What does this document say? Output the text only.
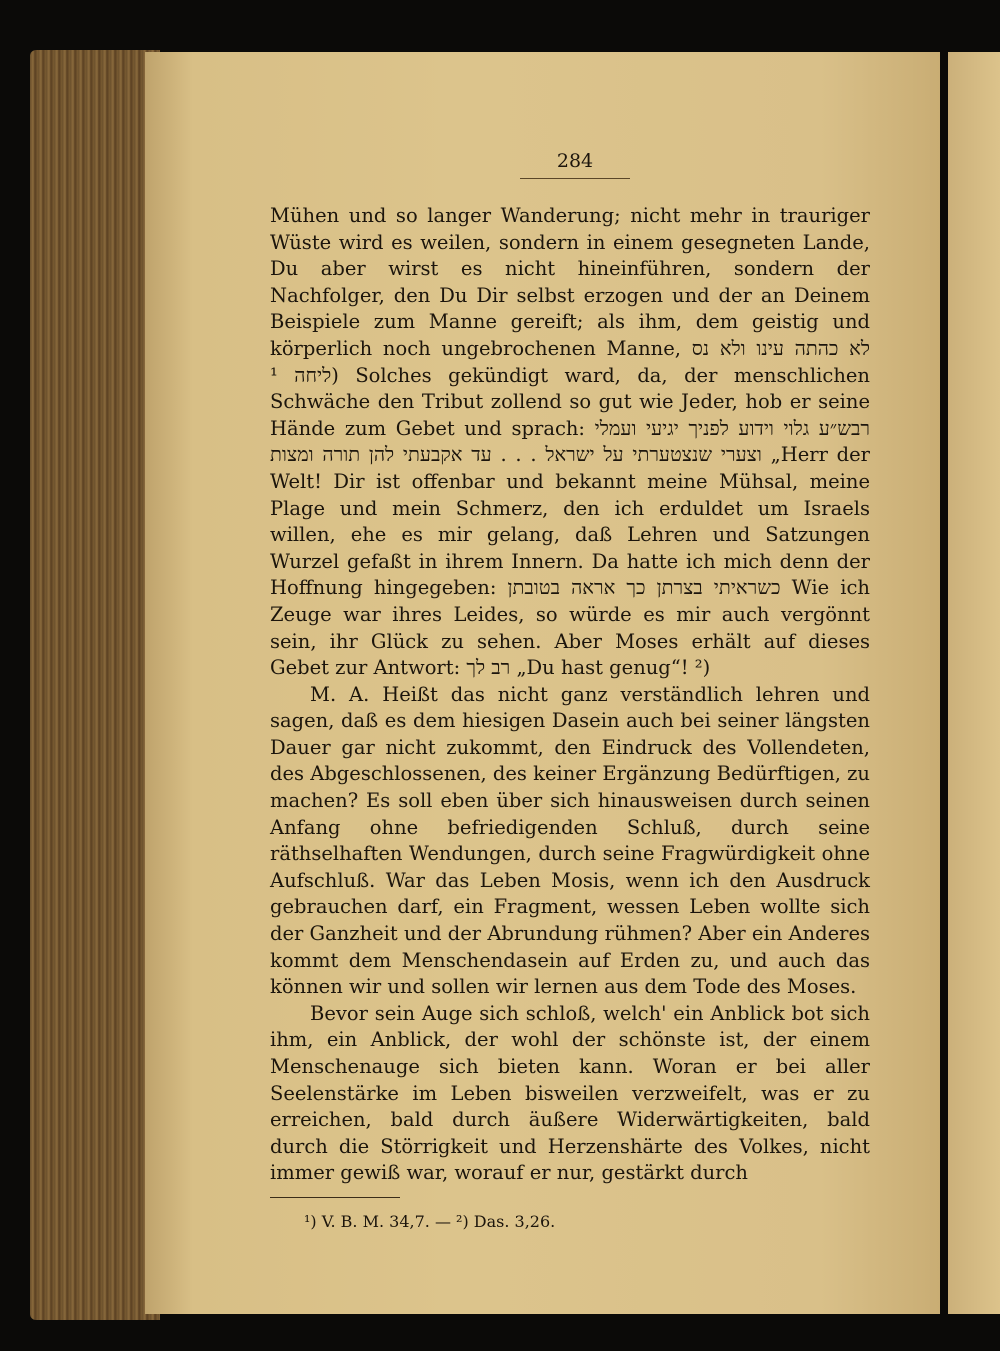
284

Mühen und so langer Wanderung; nicht mehr in trauriger Wüste wird es weilen, sondern in einem gesegneten Lande, Du aber wirst es nicht hineinführen, sondern der Nachfolger, den Du Dir selbst erzogen und der an Deinem Beispiele zum Manne gereift; als ihm, dem geistig und körperlich noch ungebrochenen Manne, לא כהתה עינו ולא נס ליחה ¹) Solches gekündigt ward, da, der menschlichen Schwäche den Tribut zollend so gut wie Jeder, hob er seine Hände zum Gebet und sprach: רבש״ע גלוי וידוע לפניך יגיעי ועמלי וצערי שנצטערתי על ישראל . . . עד אקבעתי להן תורה ומצות „Herr der Welt! Dir ist offenbar und bekannt meine Mühsal, meine Plage und mein Schmerz, den ich erduldet um Israels willen, ehe es mir gelang, daß Lehren und Satzungen Wurzel gefaßt in ihrem Innern. Da hatte ich mich denn der Hoffnung hingegeben: כשראיתי בצרתן כך אראה בטובתן Wie ich Zeuge war ihres Leides, so würde es mir auch vergönnt sein, ihr Glück zu sehen. Aber Moses erhält auf dieses Gebet zur Antwort: רב לך „Du hast genug“! ²)

M. A. Heißt das nicht ganz verständlich lehren und sagen, daß es dem hiesigen Dasein auch bei seiner längsten Dauer gar nicht zukommt, den Eindruck des Vollendeten, des Abgeschlossenen, des keiner Ergänzung Bedürftigen, zu machen? Es soll eben über sich hinausweisen durch seinen Anfang ohne befriedigenden Schluß, durch seine räthselhaften Wendungen, durch seine Fragwürdigkeit ohne Aufschluß. War das Leben Mosis, wenn ich den Ausdruck gebrauchen darf, ein Fragment, wessen Leben wollte sich der Ganzheit und der Abrundung rühmen? Aber ein Anderes kommt dem Menschendasein auf Erden zu, und auch das können wir und sollen wir lernen aus dem Tode des Moses.

Bevor sein Auge sich schloß, welch' ein Anblick bot sich ihm, ein Anblick, der wohl der schönste ist, der einem Menschenauge sich bieten kann. Woran er bei aller Seelenstärke im Leben bisweilen verzweifelt, was er zu erreichen, bald durch äußere Widerwärtigkeiten, bald durch die Störrigkeit und Herzenshärte des Volkes, nicht immer gewiß war, worauf er nur, gestärkt durch

¹) V. B. M. 34,7. — ²) Das. 3,26.
